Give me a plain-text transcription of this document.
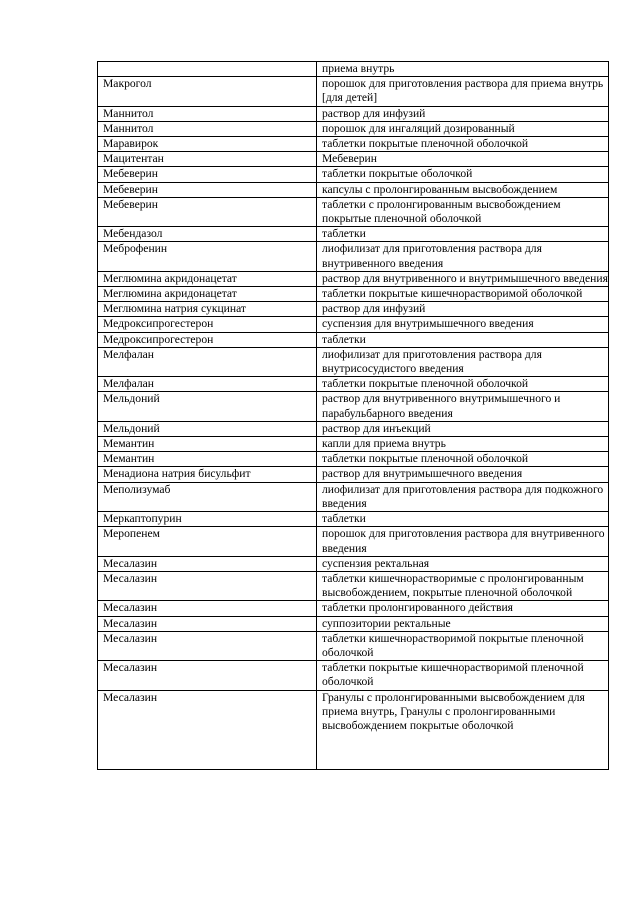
	приема внутрь
Макрогол	порошок для приготовления раствора для приема внутрь [для детей]
Маннитол	раствор для инфузий
Маннитол	порошок для ингаляций дозированный
Маравирок	таблетки покрытые пленочной оболочкой
Мацитентан	Мебеверин
Мебеверин	таблетки покрытые оболочкой
Мебеверин	капсулы с пролонгированным высвобождением
Мебеверин	таблетки с пролонгированным высвобождением покрытые пленочной оболочкой
Мебендазол	таблетки
Меброфенин	лиофилизат для приготовления раствора для внутривенного введения
Меглюмина акридонацетат	раствор для внутривенного и внутримышечного введения
Меглюмина акридонацетат	таблетки покрытые кишечнорастворимой оболочкой
Меглюмина натрия сукцинат	раствор для инфузий
Медроксипрогестерон	суспензия для внутримышечного введения
Медроксипрогестерон	таблетки
Мелфалан	лиофилизат для приготовления раствора для внутрисосудистого введения
Мелфалан	таблетки покрытые пленочной оболочкой
Мельдоний	раствор для внутривенного внутримышечного и парабульбарного введения
Мельдоний	раствор для инъекций
Мемантин	капли для приема внутрь
Мемантин	таблетки покрытые пленочной оболочкой
Менадиона натрия бисульфит	раствор для внутримышечного введения
Меполизумаб	лиофилизат для приготовления раствора для подкожного введения
Меркаптопурин	таблетки
Меропенем	порошок для приготовления раствора для внутривенного введения
Месалазин	суспензия ректальная
Месалазин	таблетки кишечнорастворимые с пролонгированным высвобождением, покрытые пленочной оболочкой
Месалазин	таблетки пролонгированного действия
Месалазин	суппозитории ректальные
Месалазин	таблетки кишечнорастворимой покрытые пленочной оболочкой
Месалазин	таблетки покрытые кишечнорастворимой пленочной оболочкой
Месалазин	Гранулы с пролонгированными высвобождением для приема внутрь, Гранулы с пролонгированными высвобождением покрытые оболочкой
